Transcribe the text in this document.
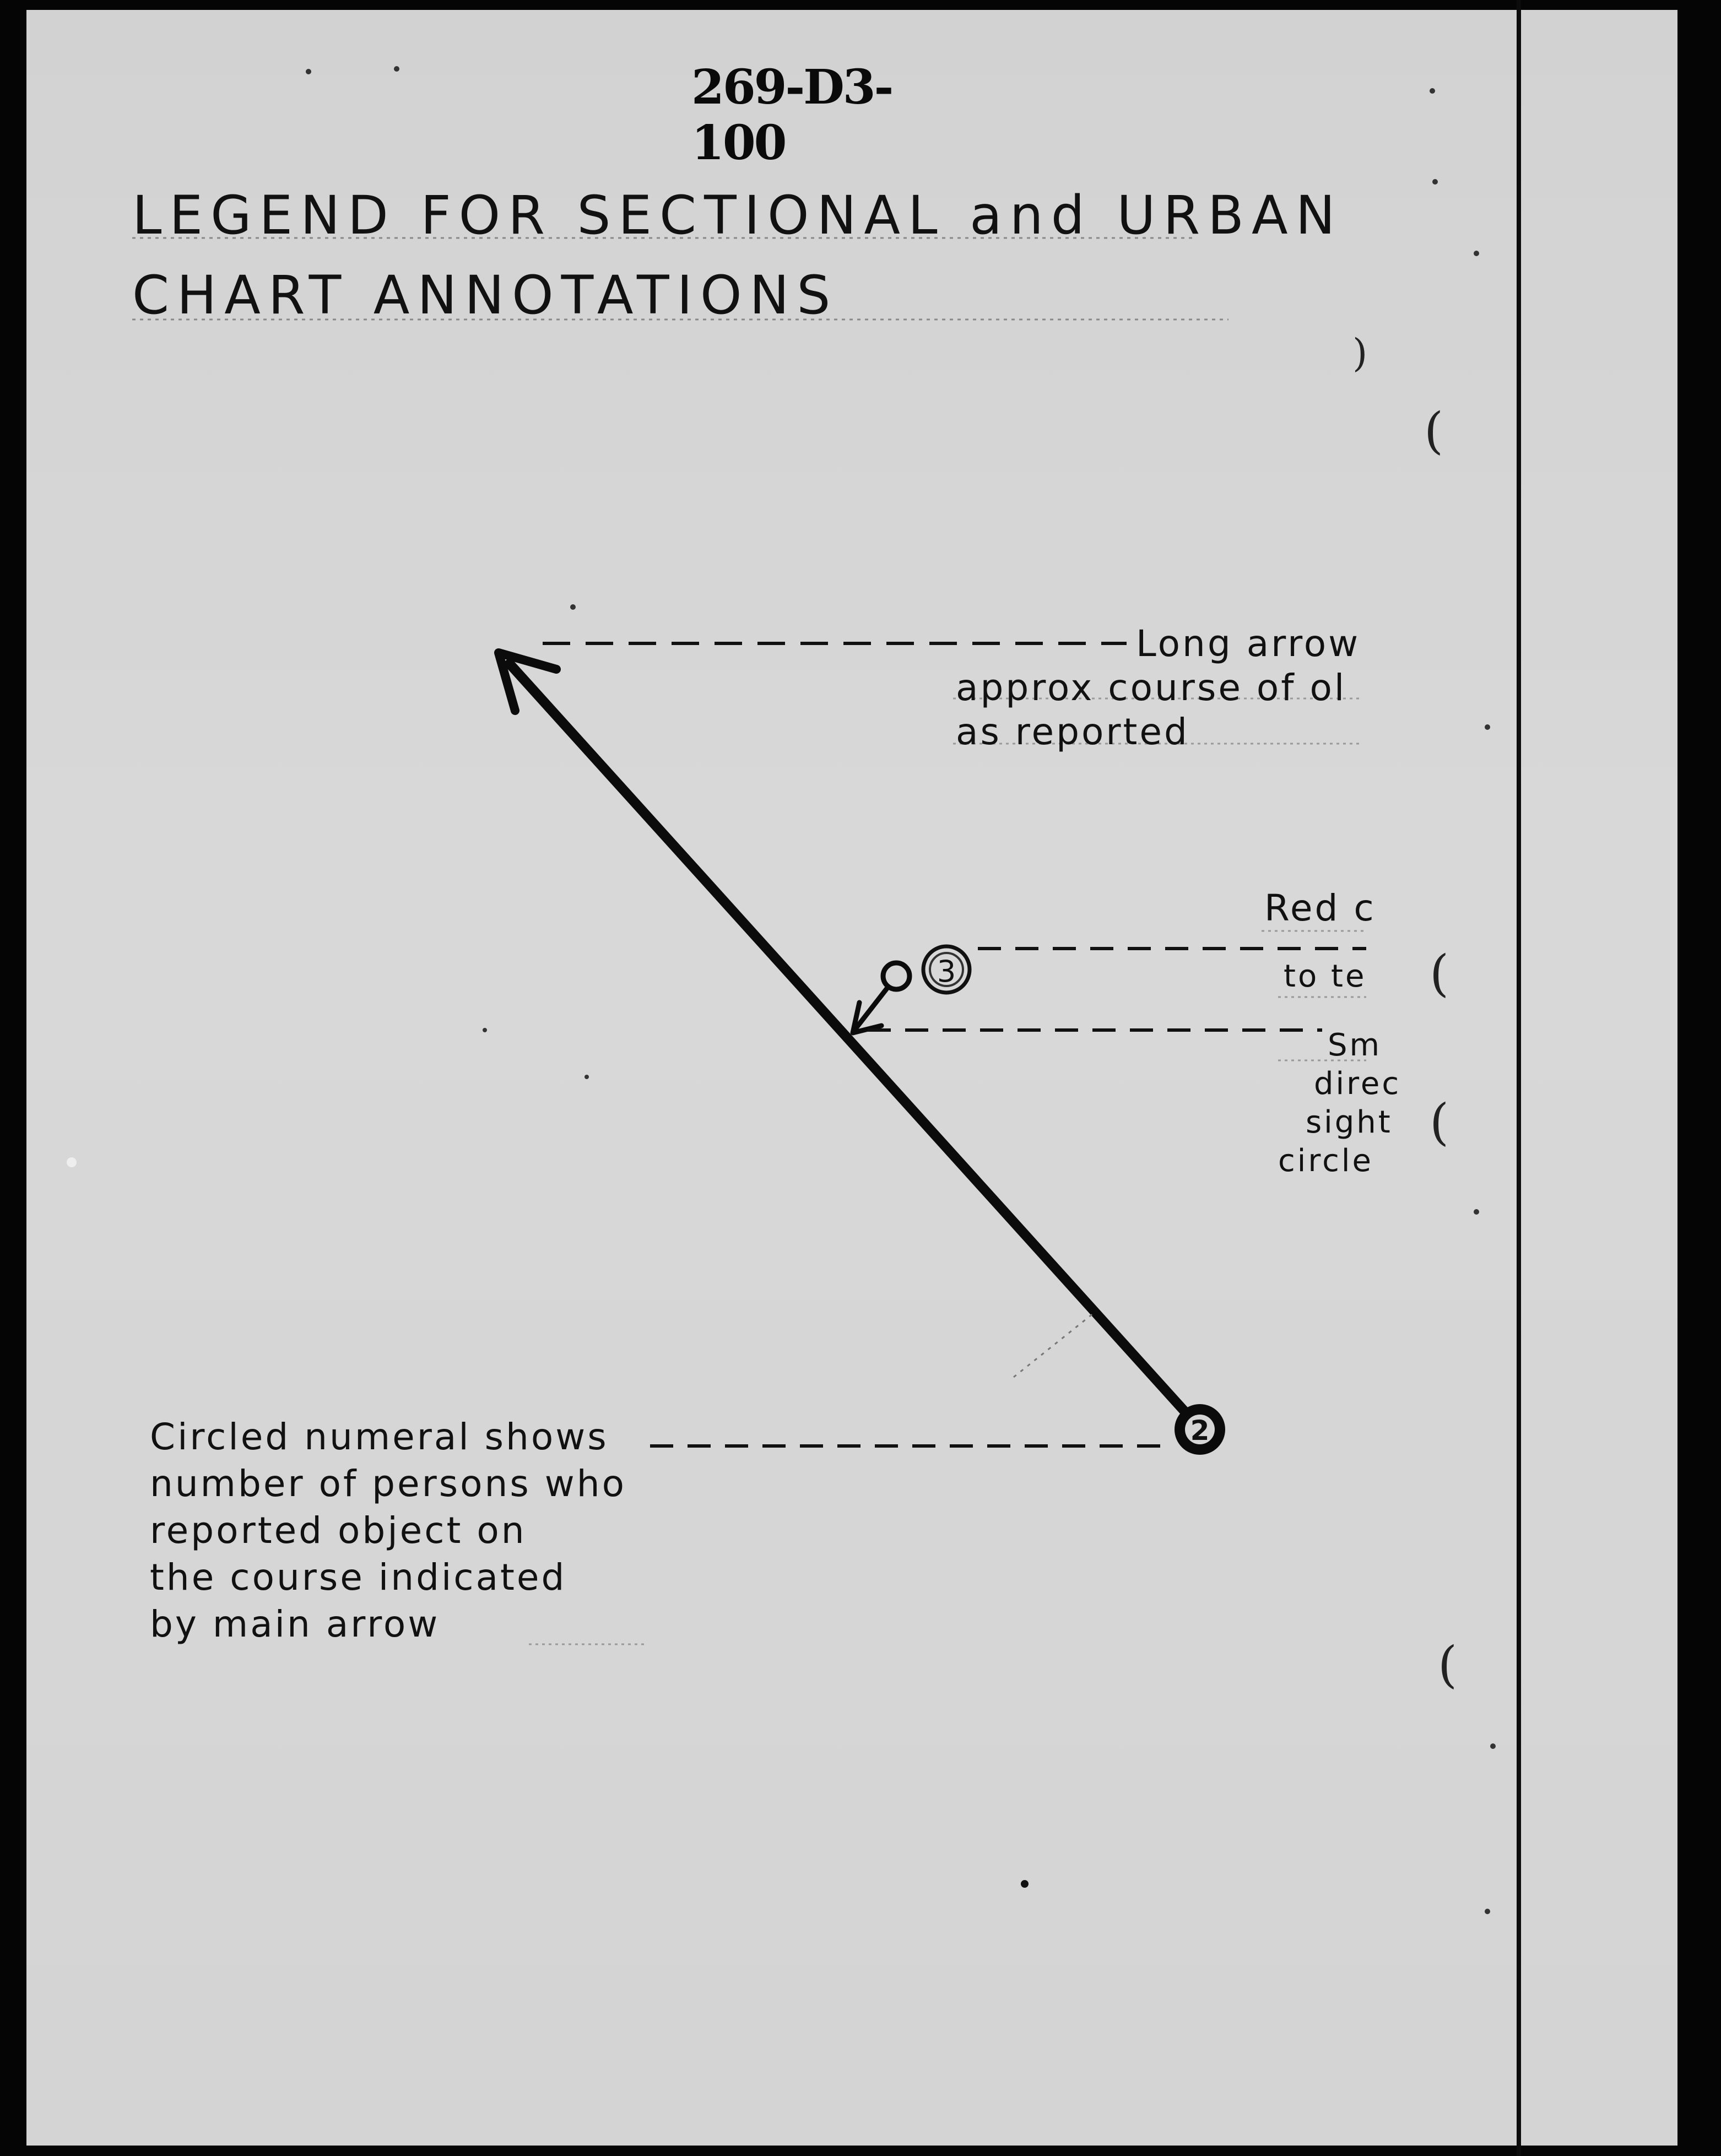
269-D3-100
LEGEND FOR SECTIONAL and URBAN
CHART ANNOTATIONS
3
2
Long arrow
approx course of ol
as reported
Red c
to te
Sm
direc
sight
circle
Circled numeral shows
number of persons who
reported object on
the course indicated
by main arrow
(
(
(
(
)
